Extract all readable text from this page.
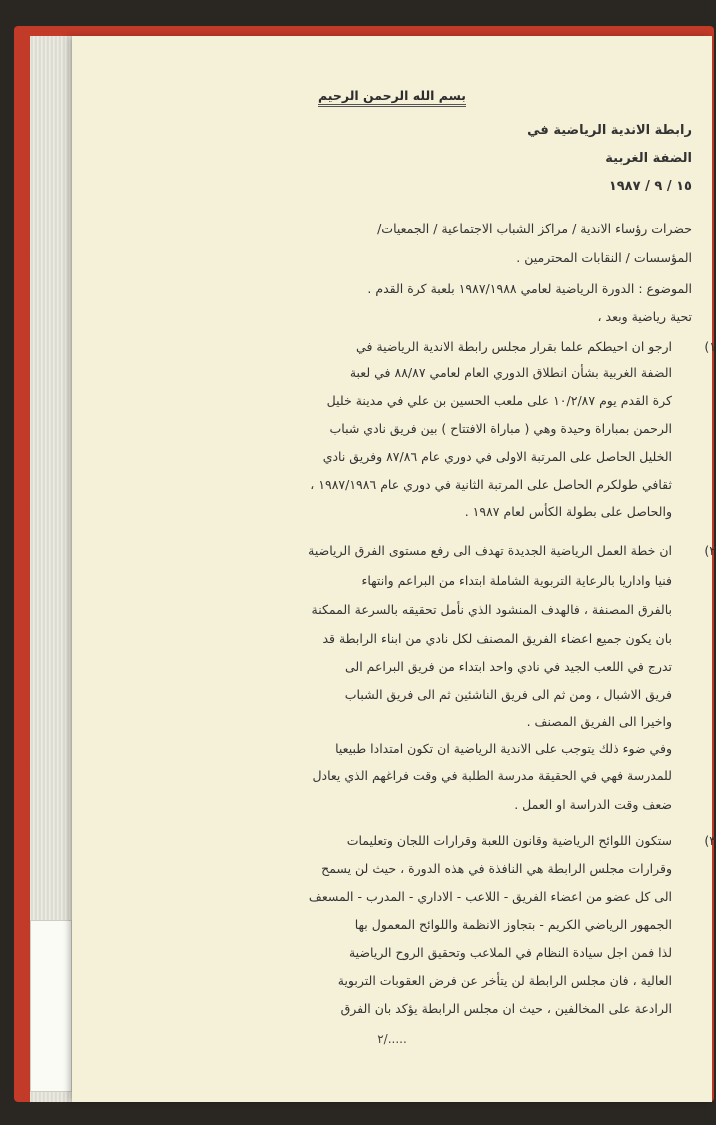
بسم الله الرحمن الرحيم
رابطة الاندية الرياضية في
الضفة الغربية
١٥ / ٩ / ١٩٨٧
حضرات رؤساء الاندية / مراكز الشباب الاجتماعية / الجمعيات/
المؤسسات / النقابات المحترمين .
الموضوع : الدورة الرياضية لعامي ١٩٨٧/١٩٨٨ بلعبة كرة القدم .
تحية رياضية وبعد ،
١)
ارجو ان احيطكم علما بقرار مجلس رابطة الاندية الرياضية في
الضفة الغربية بشأن انطلاق الدوري العام لعامي ٨٨/٨٧ في لعبة
كرة القدم يوم ١٠/٢/٨٧ على ملعب الحسين بن علي في مدينة خليل
الرحمن بمباراة وحيدة وهي ( مباراة الافتتاح ) بين فريق نادي شباب
الخليل الحاصل على المرتبة الاولى في دوري عام ٨٧/٨٦ وفريق نادي
ثقافي طولكرم الحاصل على المرتبة الثانية في دوري عام ١٩٨٧/١٩٨٦ ،
والحاصل على بطولة الكأس لعام ١٩٨٧ .
٢)
ان خطة العمل الرياضية الجديدة تهدف الى رفع مستوى الفرق الرياضية
فنيا واداريا بالرعاية التربوية الشاملة ابتداء من البراعم وانتهاء
بالفرق المصنفة ، فالهدف المنشود الذي نأمل تحقيقه بالسرعة الممكنة
بان يكون جميع اعضاء الفريق المصنف لكل نادي من ابناء الرابطة قد
تدرج في اللعب الجيد في نادي واحد ابتداء من فريق البراعم الى
فريق الاشبال ، ومن ثم الى فريق الناشئين ثم الى فريق الشباب
واخيرا الى الفريق المصنف .
وفي ضوء ذلك يتوجب على الاندية الرياضية ان تكون امتدادا طبيعيا
للمدرسة فهي في الحقيقة مدرسة الطلبة في وقت فراغهم الذي يعادل
ضعف وقت الدراسة او العمل .
٣)
ستكون اللوائح الرياضية وقانون اللعبة وقرارات اللجان وتعليمات
وقرارات مجلس الرابطة هي النافذة في هذه الدورة ، حيث لن يسمح
الى كل عضو من اعضاء الفريق - اللاعب - الاداري - المدرب - المسعف
الجمهور الرياضي الكريم - بتجاوز الانظمة واللوائح المعمول بها
لذا فمن اجل سيادة النظام في الملاعب وتحقيق الروح الرياضية
العالية ، فان مجلس الرابطة لن يتأخر عن فرض العقوبات التربوية
الرادعة على المخالفين ، حيث ان مجلس الرابطة يؤكد بان الفرق
٢/.....
